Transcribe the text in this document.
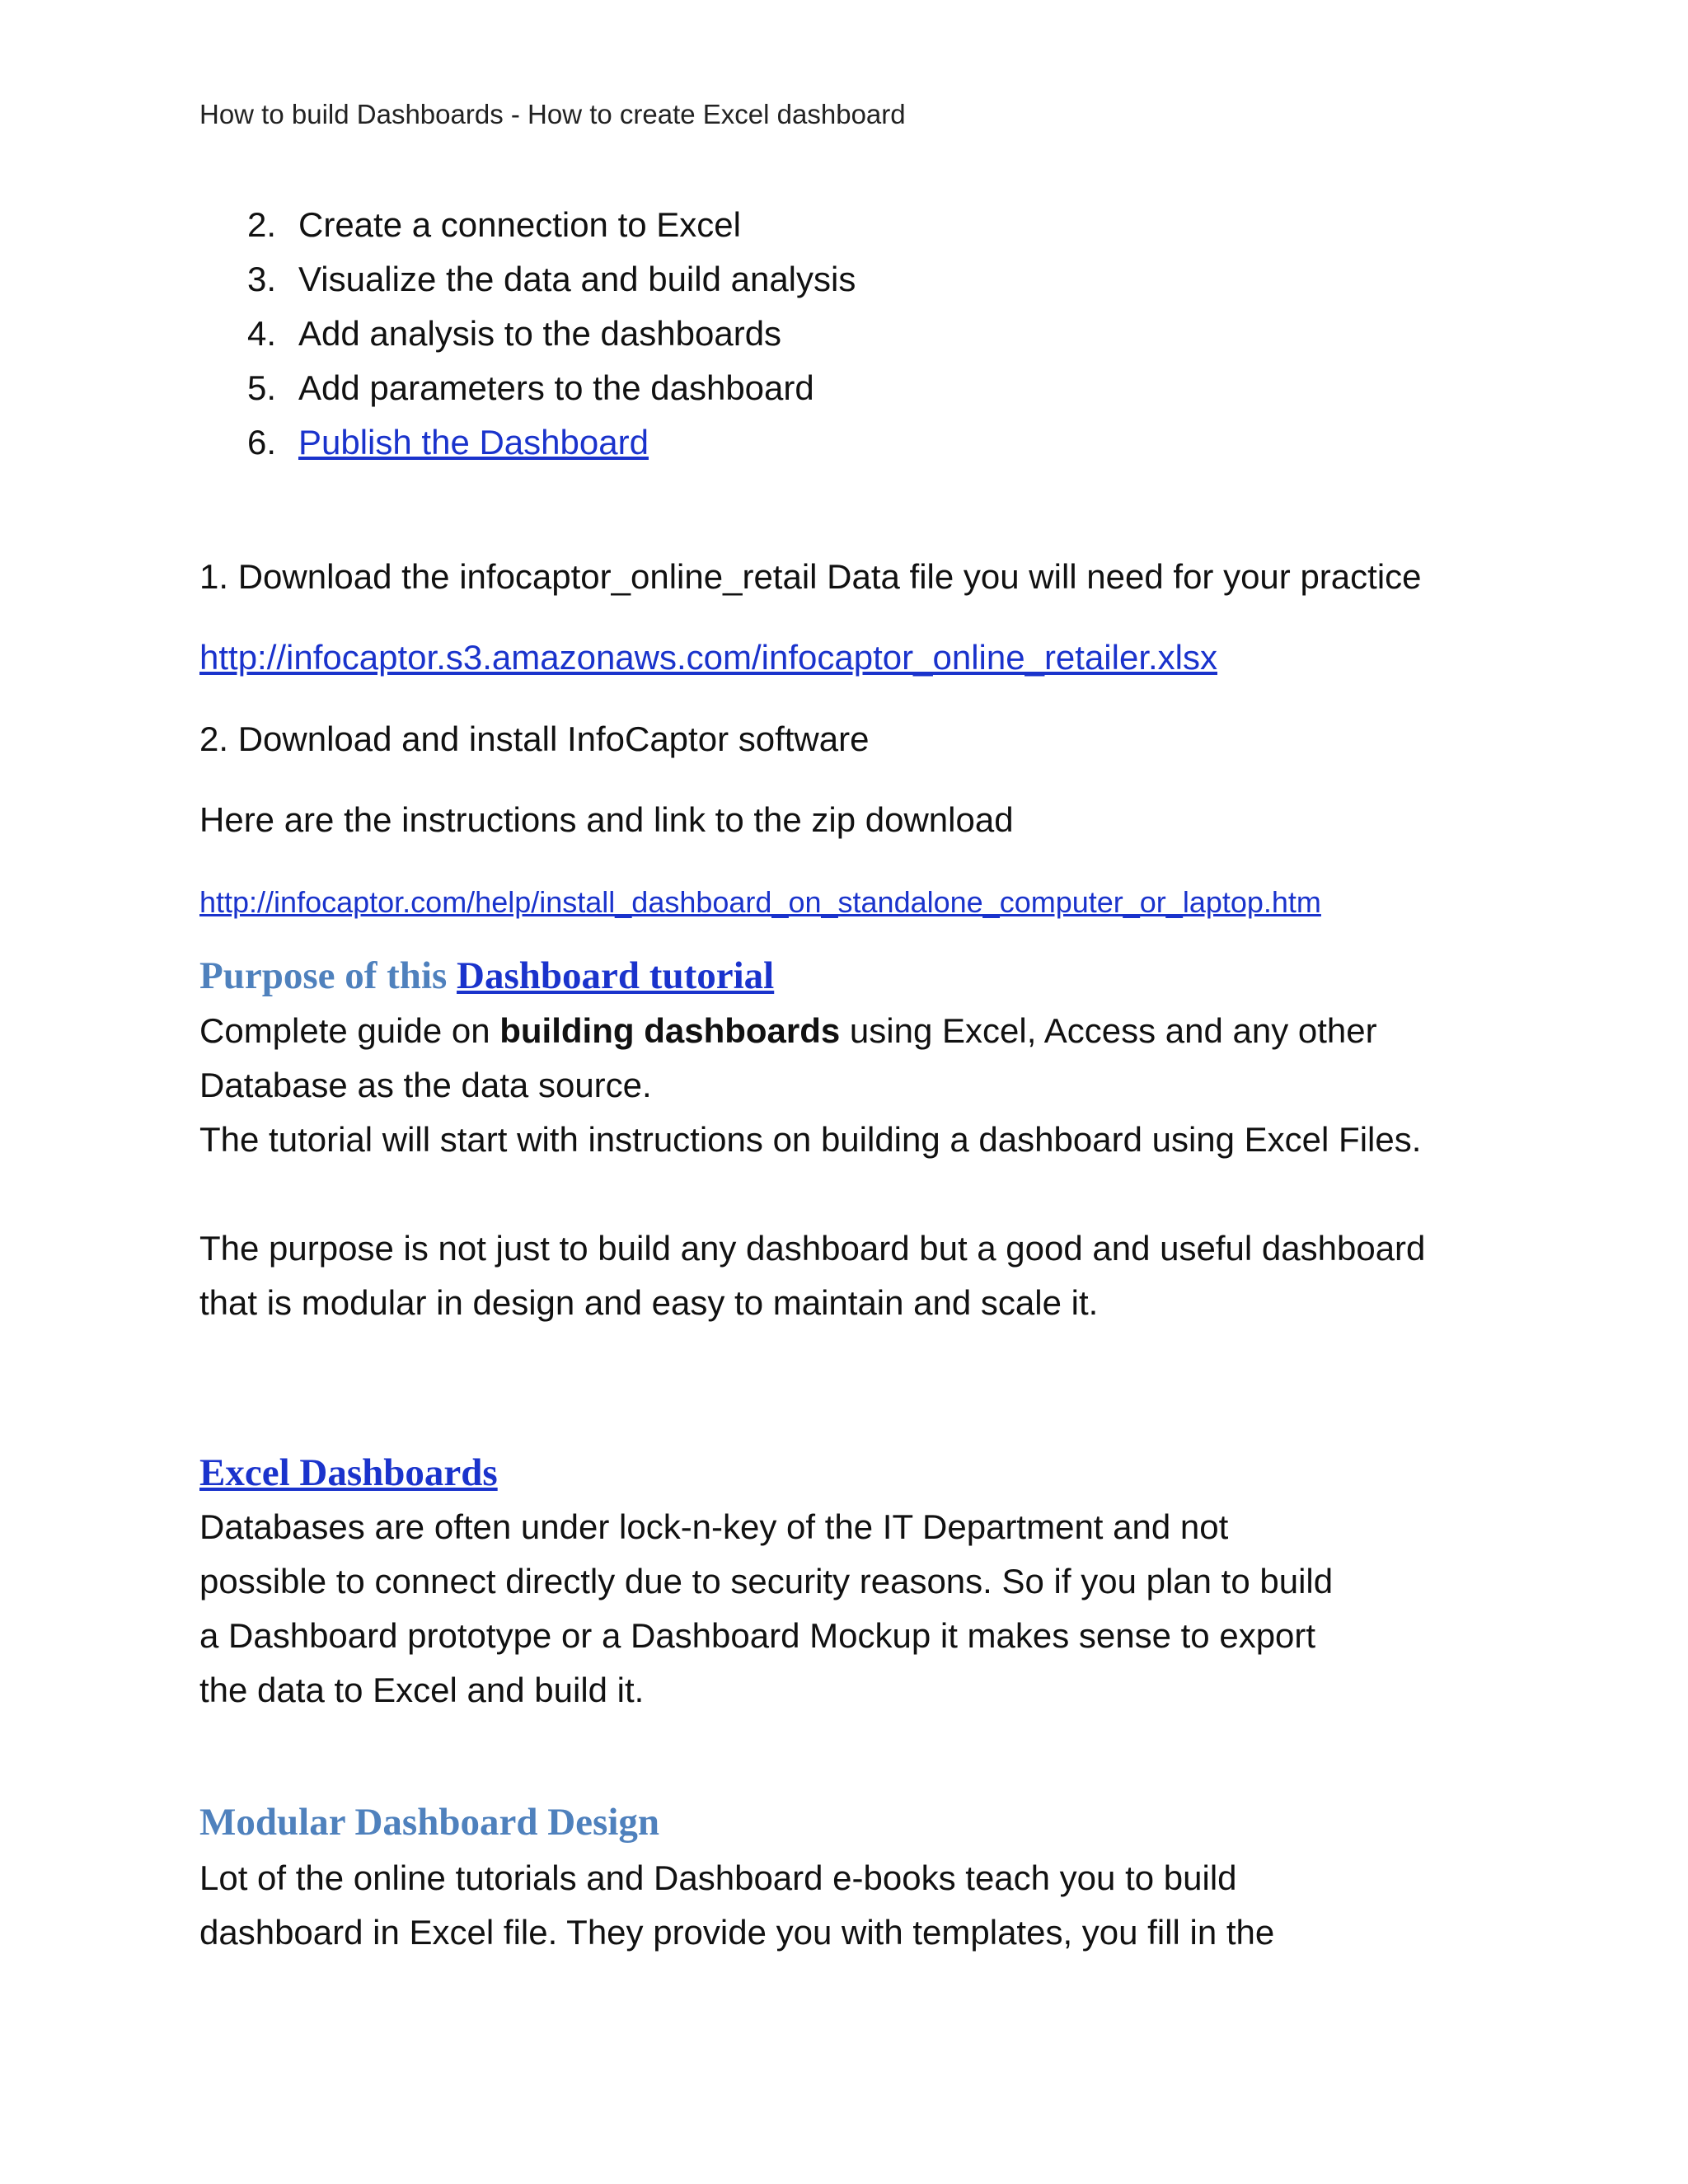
How to build Dashboards - How to create Excel dashboard
2. Create a connection to Excel
3. Visualize the data and build analysis
4. Add analysis to the dashboards
5. Add parameters to the dashboard
6. Publish the Dashboard
1. Download the infocaptor_online_retail Data file you will need for your practice
http://infocaptor.s3.amazonaws.com/infocaptor_online_retailer.xlsx
2. Download and install InfoCaptor software
Here are the instructions and link to the zip download
http://infocaptor.com/help/install_dashboard_on_standalone_computer_or_laptop.htm
Purpose of this Dashboard tutorial
Complete guide on building dashboards using Excel, Access and any other
Database as the data source.
The tutorial will start with instructions on building a dashboard using Excel Files.

The purpose is not just to build any dashboard but a good and useful dashboard
that is modular in design and easy to maintain and scale it.
Excel Dashboards
Databases are often under lock-n-key of the IT Department and not
possible to connect directly due to security reasons. So if you plan to build
a Dashboard prototype or a Dashboard Mockup it makes sense to export
the data to Excel and build it.
Modular Dashboard Design
Lot of the online tutorials and Dashboard e-books teach you to build
dashboard in Excel file. They provide you with templates, you fill in the
